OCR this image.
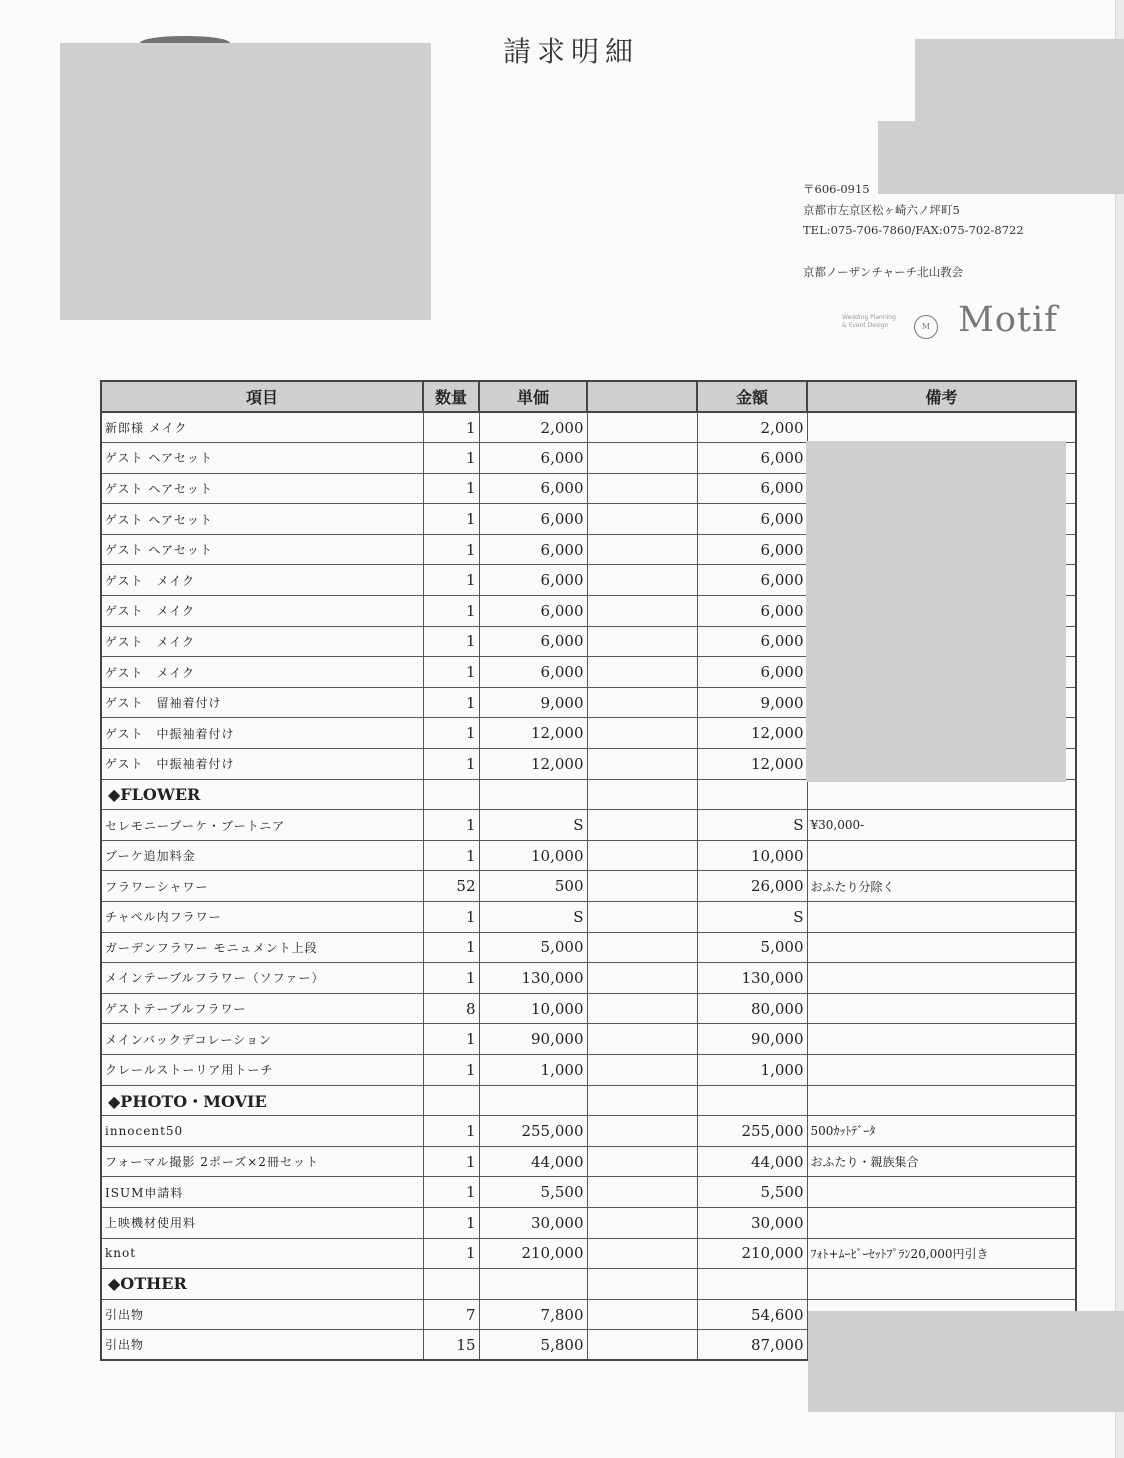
請求明細
〒606-0915
京都市左京区松ヶ崎六ノ坪町5
TEL:075-706-7860/FAX:075-702-8722
京都ノーザンチャーチ北山教会
Wedding Planning & Event Design	M Motif
項目	数量	単価		金額	備考
新郎様 メイク	1	2,000		2,000	
ゲスト ヘアセット	1	6,000		6,000	
ゲスト ヘアセット	1	6,000		6,000	
ゲスト ヘアセット	1	6,000		6,000	
ゲスト ヘアセット	1	6,000		6,000	
ゲスト　メイク	1	6,000		6,000	
ゲスト　メイク	1	6,000		6,000	
ゲスト　メイク	1	6,000		6,000	
ゲスト　メイク	1	6,000		6,000	
ゲスト　留袖着付け	1	9,000		9,000	
ゲスト　中振袖着付け	1	12,000		12,000	
ゲスト　中振袖着付け	1	12,000		12,000	
◆FLOWER					
セレモニーブーケ・ブートニア	1	S		S	¥30,000-
ブーケ追加料金	1	10,000		10,000	
フラワーシャワー	52	500		26,000	おふたり分除く
チャペル内フラワー	1	S		S	
ガーデンフラワー モニュメント上段	1	5,000		5,000	
メインテーブルフラワー（ソファー）	1	130,000		130,000	
ゲストテーブルフラワー	8	10,000		80,000	
メインバックデコレーション	1	90,000		90,000	
クレールストーリア用トーチ	1	1,000		1,000	
◆PHOTO・MOVIE					
innocent50	1	255,000		255,000	500ｶｯﾄﾃﾞｰﾀ
フォーマル撮影 2ポーズ×2冊セット	1	44,000		44,000	おふたり・親族集合
ISUM申請料	1	5,500		5,500	
上映機材使用料	1	30,000		30,000	
knot	1	210,000		210,000	ﾌｫﾄ+ﾑｰﾋﾞｰｾｯﾄﾌﾟﾗﾝ20,000円引き
◆OTHER					
引出物	7	7,800		54,600	
引出物	15	5,800		87,000	
